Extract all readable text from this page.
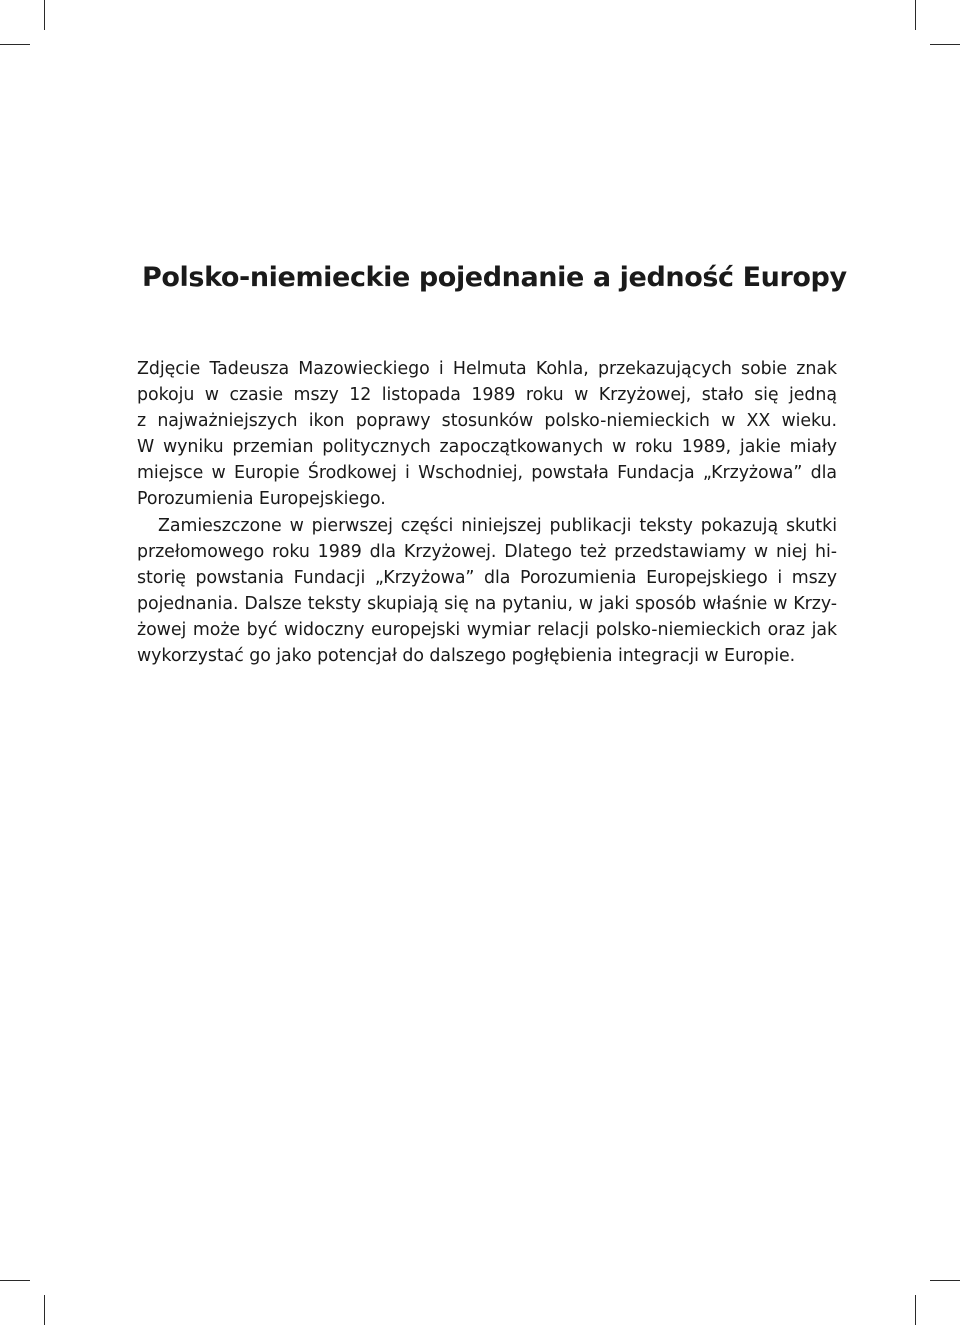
Polsko-niemieckie pojednanie a jedność Europy
Zdjęcie Tadeusza Mazowieckiego i Helmuta Kohla, przekazujących sobie znak
pokoju w czasie mszy 12 listopada 1989 roku w Krzyżowej, stało się jedną
z najważniejszych ikon poprawy stosunków polsko-niemieckich w XX wieku.
W wyniku przemian politycznych zapoczątkowanych w roku 1989, jakie miały
miejsce w Europie Środkowej i Wschodniej, powstała Fundacja „Krzyżowa” dla
Porozumienia Europejskiego.
Zamieszczone w pierwszej części niniejszej publikacji teksty pokazują skutki
przełomowego roku 1989 dla Krzyżowej. Dlatego też przedstawiamy w niej hi-
storię powstania Fundacji „Krzyżowa” dla Porozumienia Europejskiego i mszy
pojednania. Dalsze teksty skupiają się na pytaniu, w jaki sposób właśnie w Krzy-
żowej może być widoczny europejski wymiar relacji polsko-niemieckich oraz jak
wykorzystać go jako potencjał do dalszego pogłębienia integracji w Europie.
